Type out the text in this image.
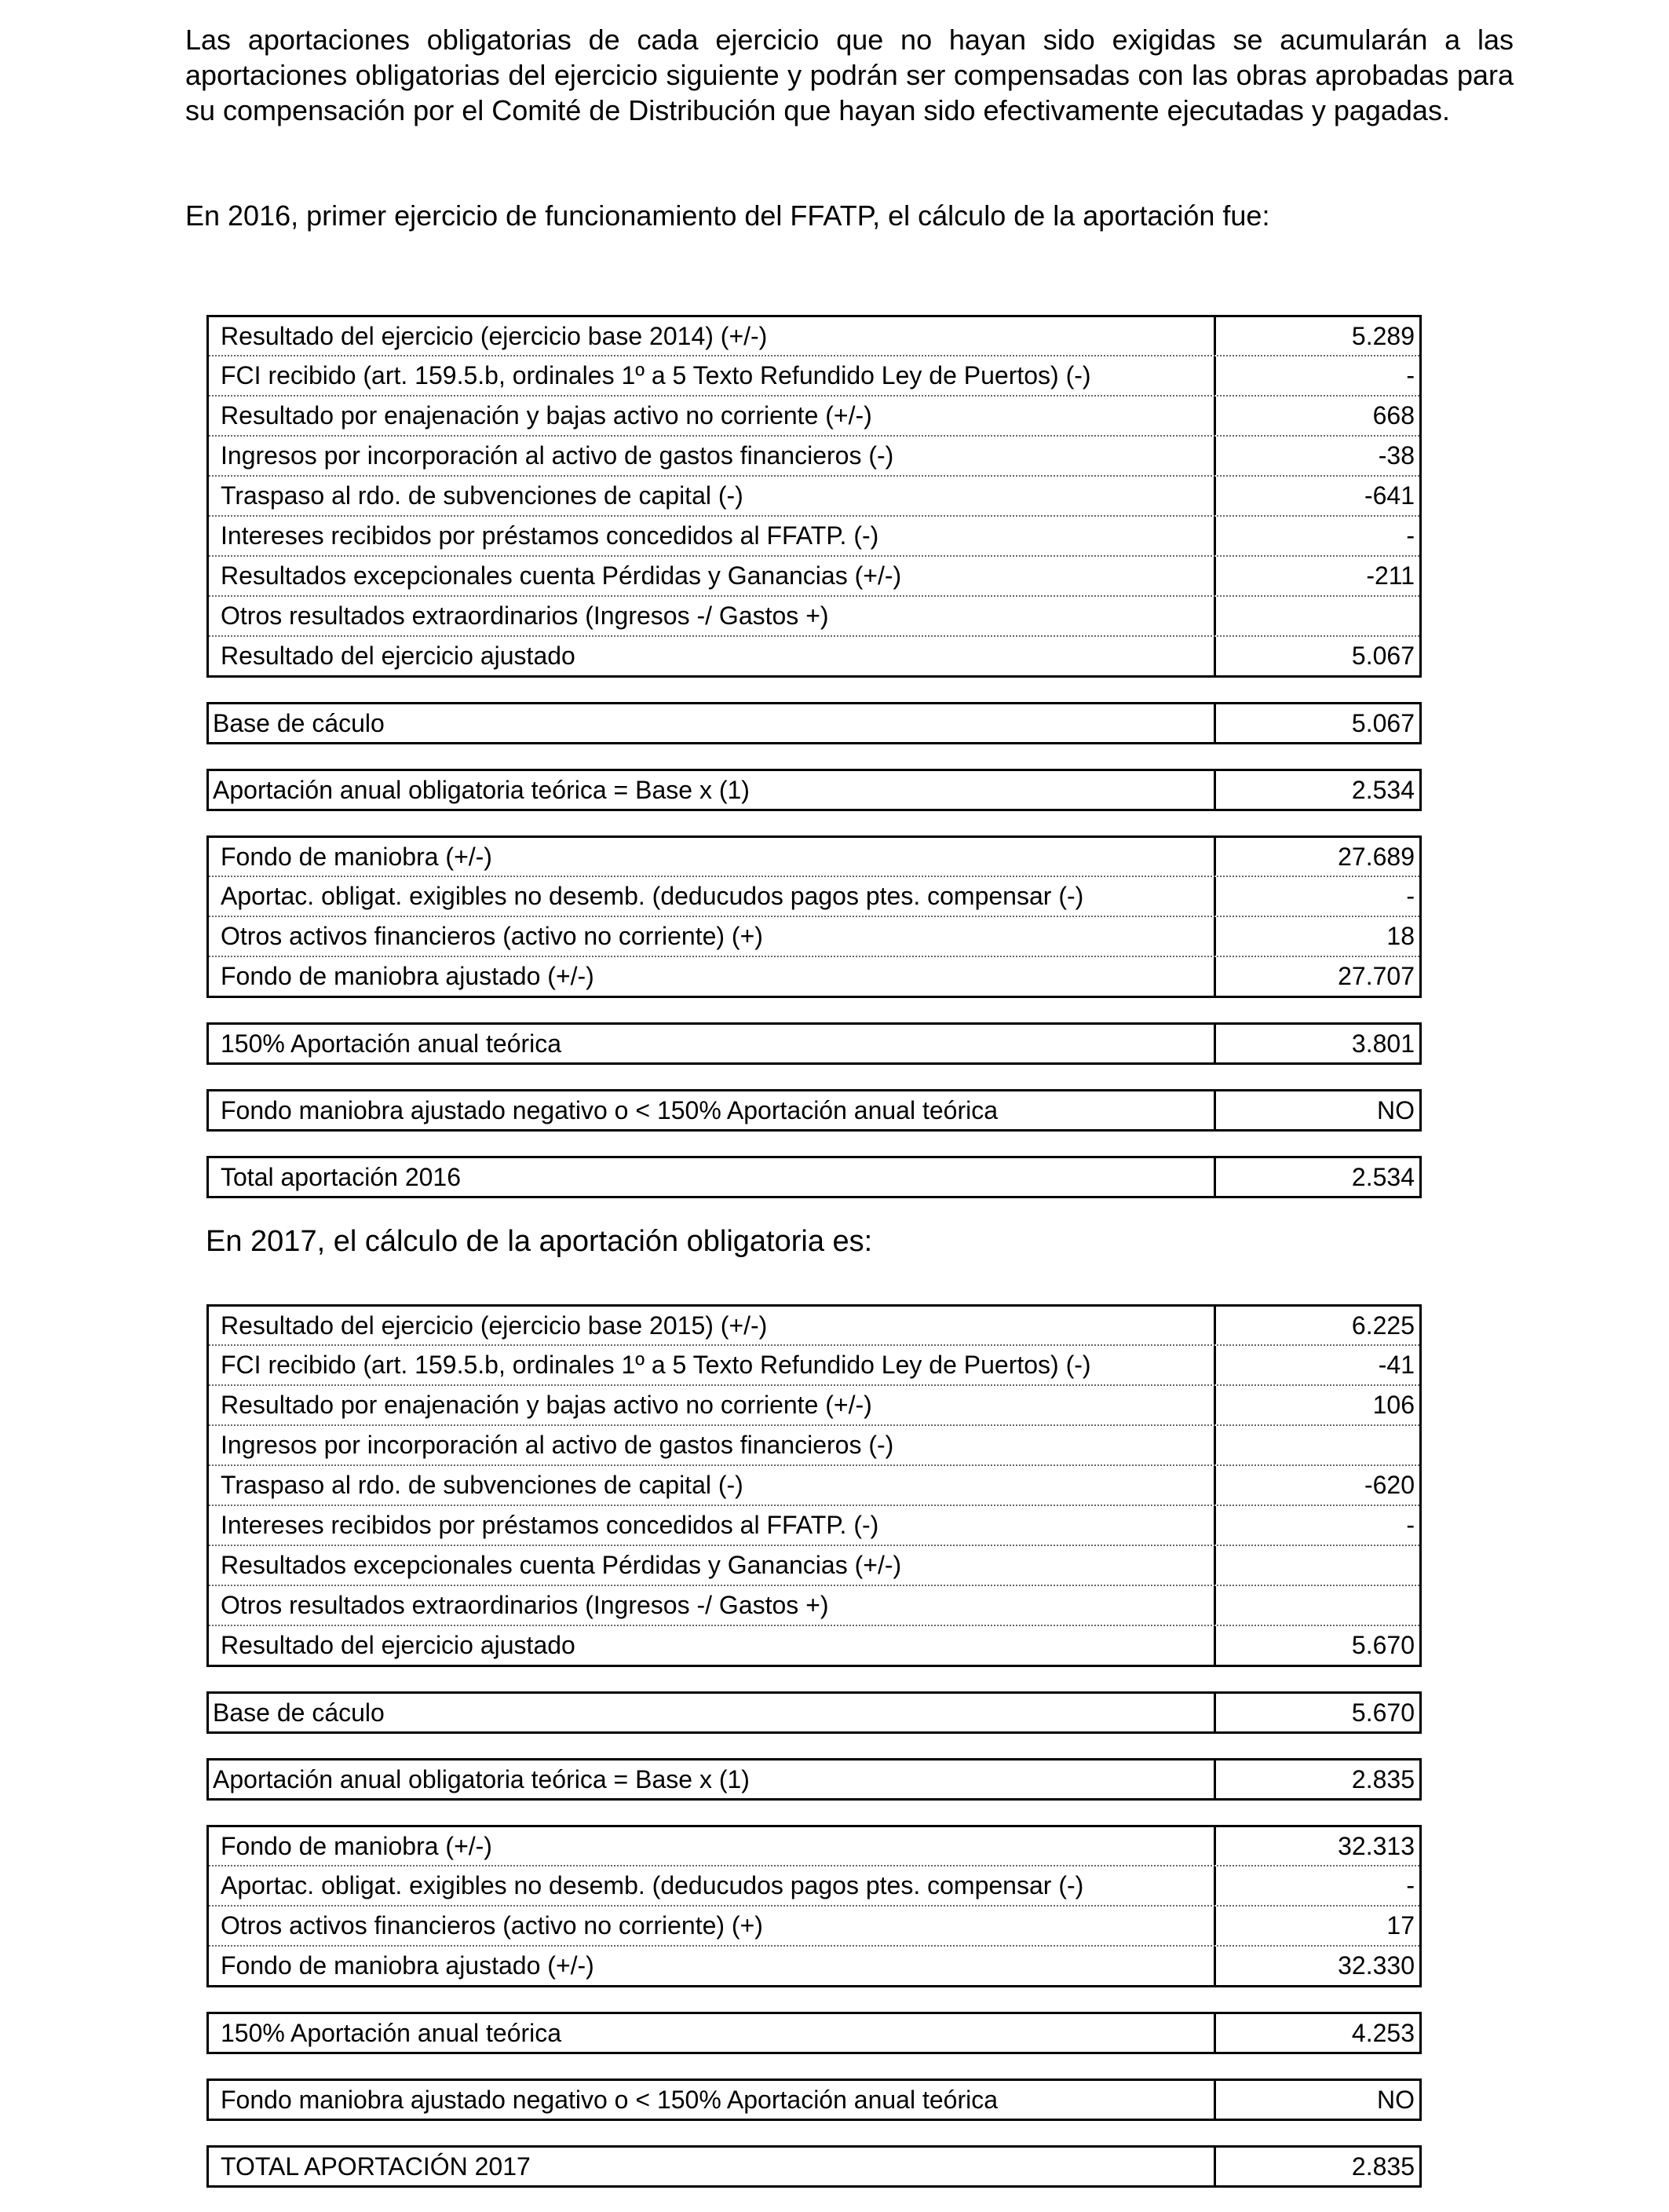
Las aportaciones obligatorias de cada ejercicio que no hayan sido exigidas se acumularán a las aportaciones obligatorias del ejercicio siguiente y podrán ser compensadas con las obras aprobadas para su compensación por el Comité de Distribución que hayan sido efectivamente ejecutadas y pagadas.

En 2016, primer ejercicio de funcionamiento del FFATP, el cálculo de la aportación fue:

Resultado del ejercicio (ejercicio base 2014) (+/-)	5.289
FCI recibido (art. 159.5.b, ordinales 1º a 5 Texto Refundido Ley de Puertos) (-)	-
Resultado por enajenación y bajas activo no corriente (+/-)	668
Ingresos por incorporación al activo de gastos financieros (-)	-38
Traspaso al rdo. de subvenciones de capital (-)	-641
Intereses recibidos por préstamos concedidos al FFATP. (-)	-
Resultados excepcionales cuenta Pérdidas y Ganancias (+/-)	-211
Otros resultados extraordinarios (Ingresos -/ Gastos +)
Resultado del ejercicio ajustado	5.067
Base de cáculo	5.067
Aportación anual obligatoria teórica = Base x (1)	2.534
Fondo de maniobra (+/-)	27.689
Aportac. obligat. exigibles no desemb. (deducudos pagos ptes. compensar (-)	-
Otros activos financieros (activo no corriente) (+)	18
Fondo de maniobra ajustado (+/-)	27.707
150% Aportación anual teórica	3.801
Fondo maniobra ajustado negativo o < 150% Aportación anual teórica	NO
Total aportación 2016	2.534

En 2017, el cálculo de la aportación obligatoria es:

Resultado del ejercicio (ejercicio base 2015) (+/-)	6.225
FCI recibido (art. 159.5.b, ordinales 1º a 5 Texto Refundido Ley de Puertos) (-)	-41
Resultado por enajenación y bajas activo no corriente (+/-)	106
Ingresos por incorporación al activo de gastos financieros (-)
Traspaso al rdo. de subvenciones de capital (-)	-620
Intereses recibidos por préstamos concedidos al FFATP. (-)	-
Resultados excepcionales cuenta Pérdidas y Ganancias (+/-)
Otros resultados extraordinarios (Ingresos -/ Gastos +)
Resultado del ejercicio ajustado	5.670
Base de cáculo	5.670
Aportación anual obligatoria teórica = Base x (1)	2.835
Fondo de maniobra (+/-)	32.313
Aportac. obligat. exigibles no desemb. (deducudos pagos ptes. compensar (-)	-
Otros activos financieros (activo no corriente) (+)	17
Fondo de maniobra ajustado (+/-)	32.330
150% Aportación anual teórica	4.253
Fondo maniobra ajustado negativo o < 150% Aportación anual teórica	NO
TOTAL APORTACIÓN 2017	2.835
